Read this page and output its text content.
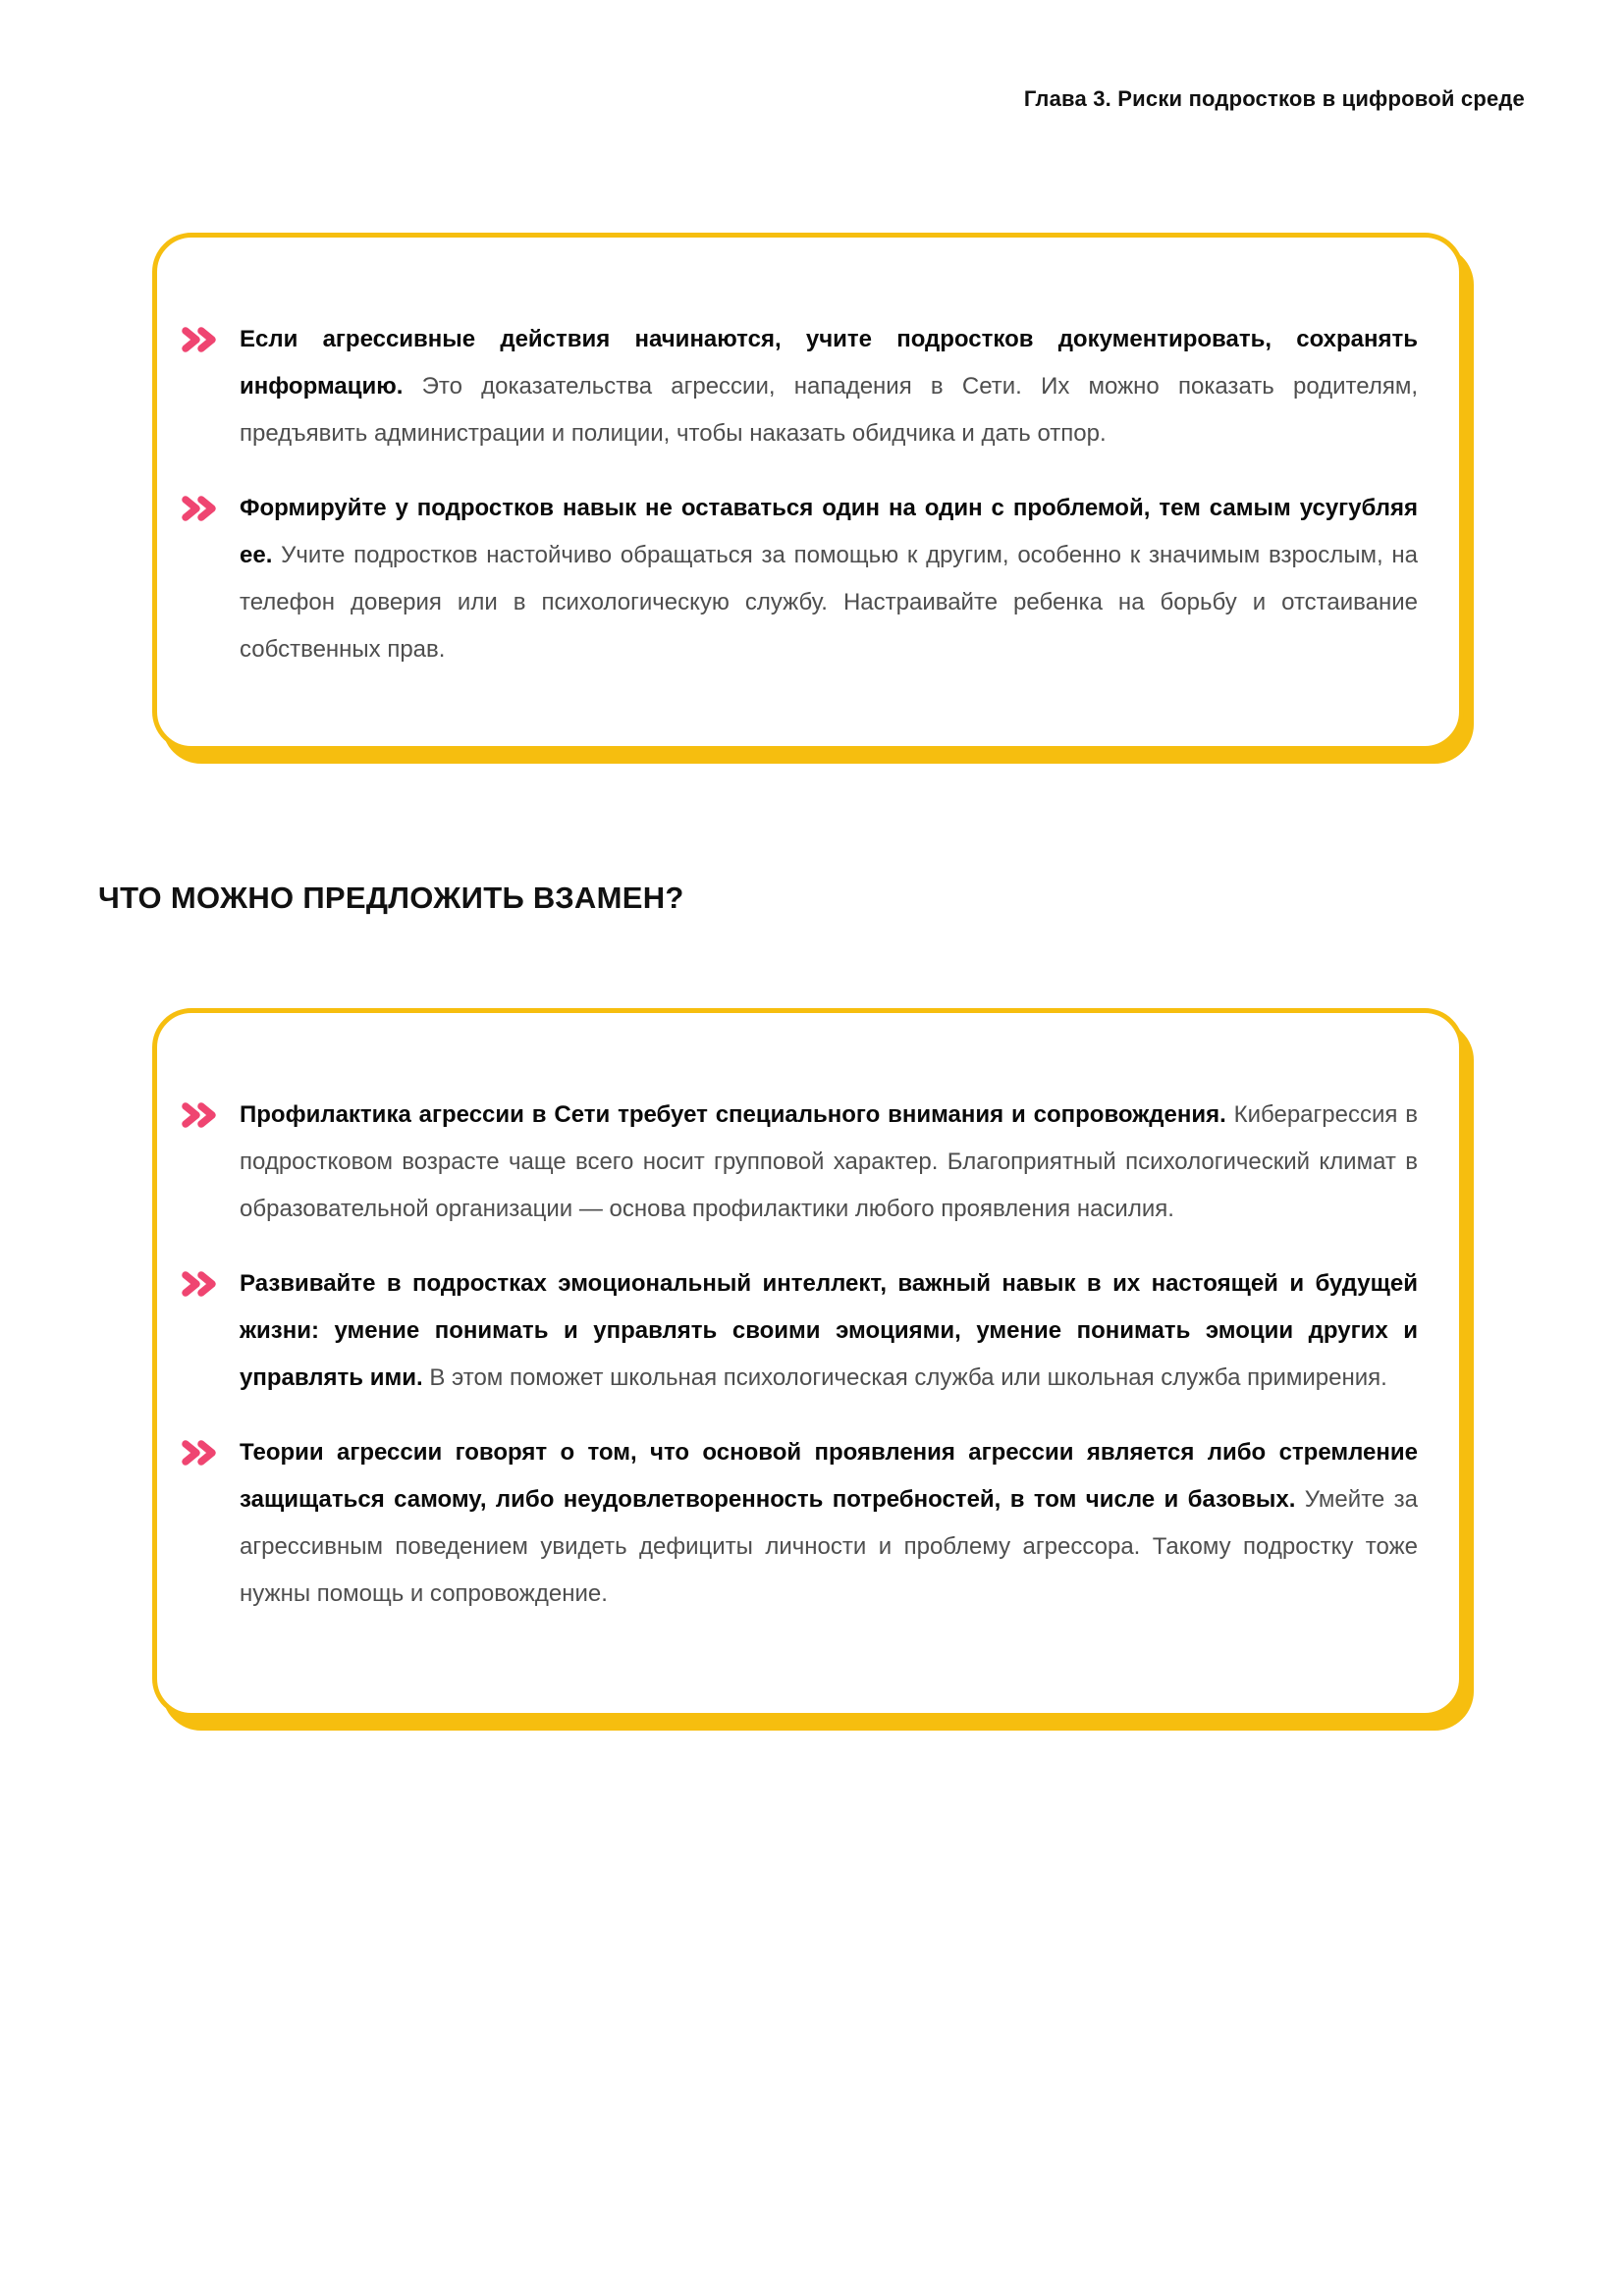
Глава 3. Риски подростков в цифровой среде

Если агрессивные действия начинаются, учите подростков документировать, сохранять информацию. Это доказательства агрессии, нападения в Сети. Их можно показать родителям, предъявить администрации и полиции, чтобы наказать обидчика и дать отпор.

Формируйте у подростков навык не оставаться один на один с проблемой, тем самым усугубляя ее. Учите подростков настойчиво обращаться за помощью к другим, особенно к значимым взрослым, на телефон доверия или в психологическую службу. Настраивайте ребенка на борьбу и отстаивание собственных прав.

ЧТО МОЖНО ПРЕДЛОЖИТЬ ВЗАМЕН?

Профилактика агрессии в Сети требует специального внимания и сопровождения. Киберагрессия в подростковом возрасте чаще всего носит групповой характер. Благоприятный психологический климат в образовательной организации — основа профилактики любого проявления насилия.

Развивайте в подростках эмоциональный интеллект, важный навык в их настоящей и будущей жизни: умение понимать и управлять своими эмоциями, умение понимать эмоции других и управлять ими. В этом поможет школьная психологическая служба или школьная служба примирения.

Теории агрессии говорят о том, что основой проявления агрессии является либо стремление защищаться самому, либо неудовлетворенность потребностей, в том числе и базовых. Умейте за агрессивным поведением увидеть дефициты личности и проблему агрессора. Такому подростку тоже нужны помощь и сопровождение.
